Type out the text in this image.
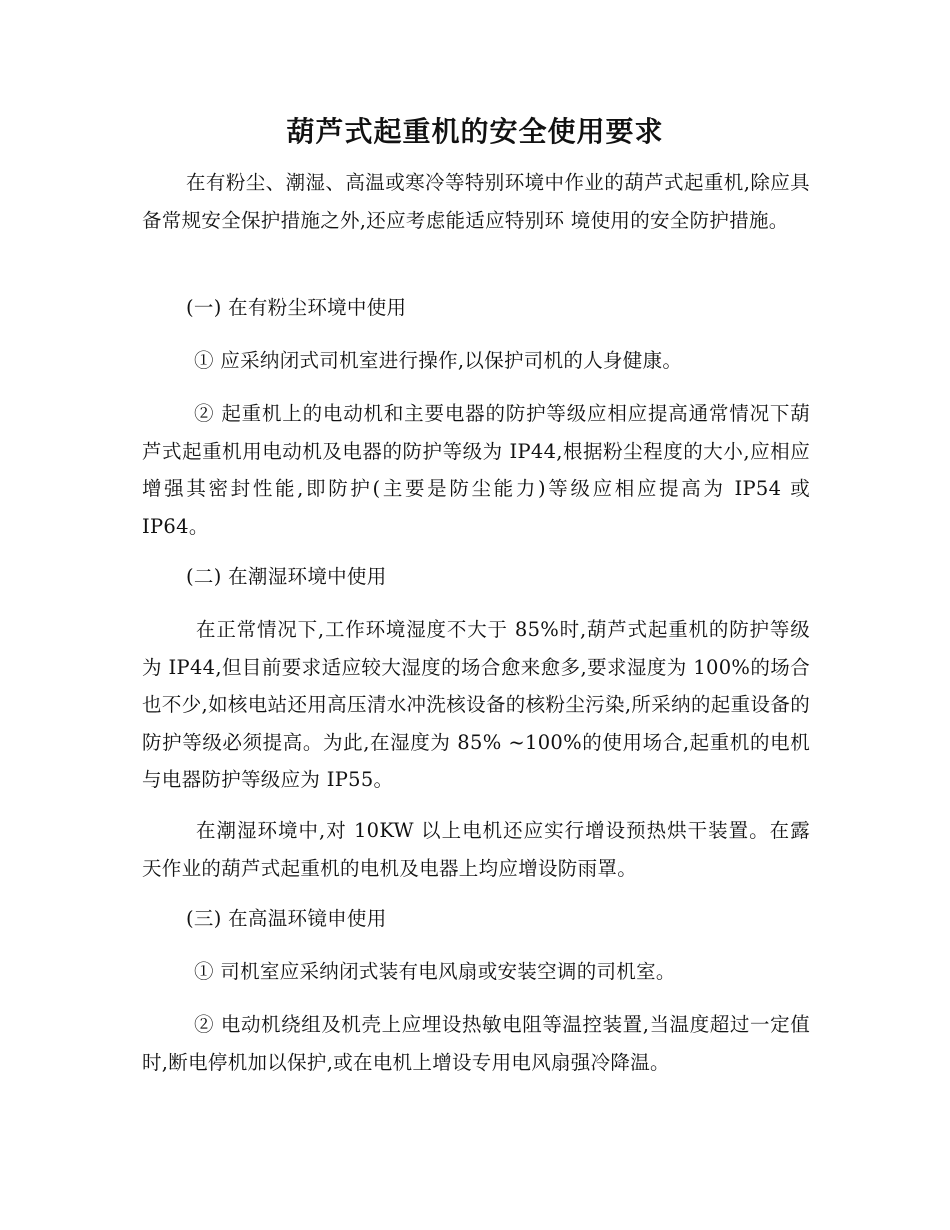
葫芦式起重机的安全使用要求

在有粉尘、潮湿、高温或寒冷等特别环境中作业的葫芦式起重机,除应具备常规安全保护措施之外,还应考虑能适应特别环 境使用的安全防护措施。

(一) 在有粉尘环境中使用

① 应采纳闭式司机室进行操作,以保护司机的人身健康。

② 起重机上的电动机和主要电器的防护等级应相应提高通常情况下葫芦式起重机用电动机及电器的防护等级为 IP44,根据粉尘程度的大小,应相应增强其密封性能,即防护(主要是防尘能力)等级应相应提高为 IP54 或 IP64。

(二) 在潮湿环境中使用

在正常情况下,工作环境湿度不大于 85%时,葫芦式起重机的防护等级为 IP44,但目前要求适应较大湿度的场合愈来愈多,要求湿度为 100%的场合也不少,如核电站还用高压清水冲洗核设备的核粉尘污染,所采纳的起重设备的防护等级必须提高。为此,在湿度为 85% ~100%的使用场合,起重机的电机与电器防护等级应为 IP55。

在潮湿环境中,对 10KW 以上电机还应实行增设预热烘干装置。在露天作业的葫芦式起重机的电机及电器上均应增设防雨罩。

(三) 在高温环镜申使用

① 司机室应采纳闭式装有电风扇或安装空调的司机室。

② 电动机绕组及机壳上应埋设热敏电阻等温控装置,当温度超过一定值时,断电停机加以保护,或在电机上增设专用电风扇强冷降温。
